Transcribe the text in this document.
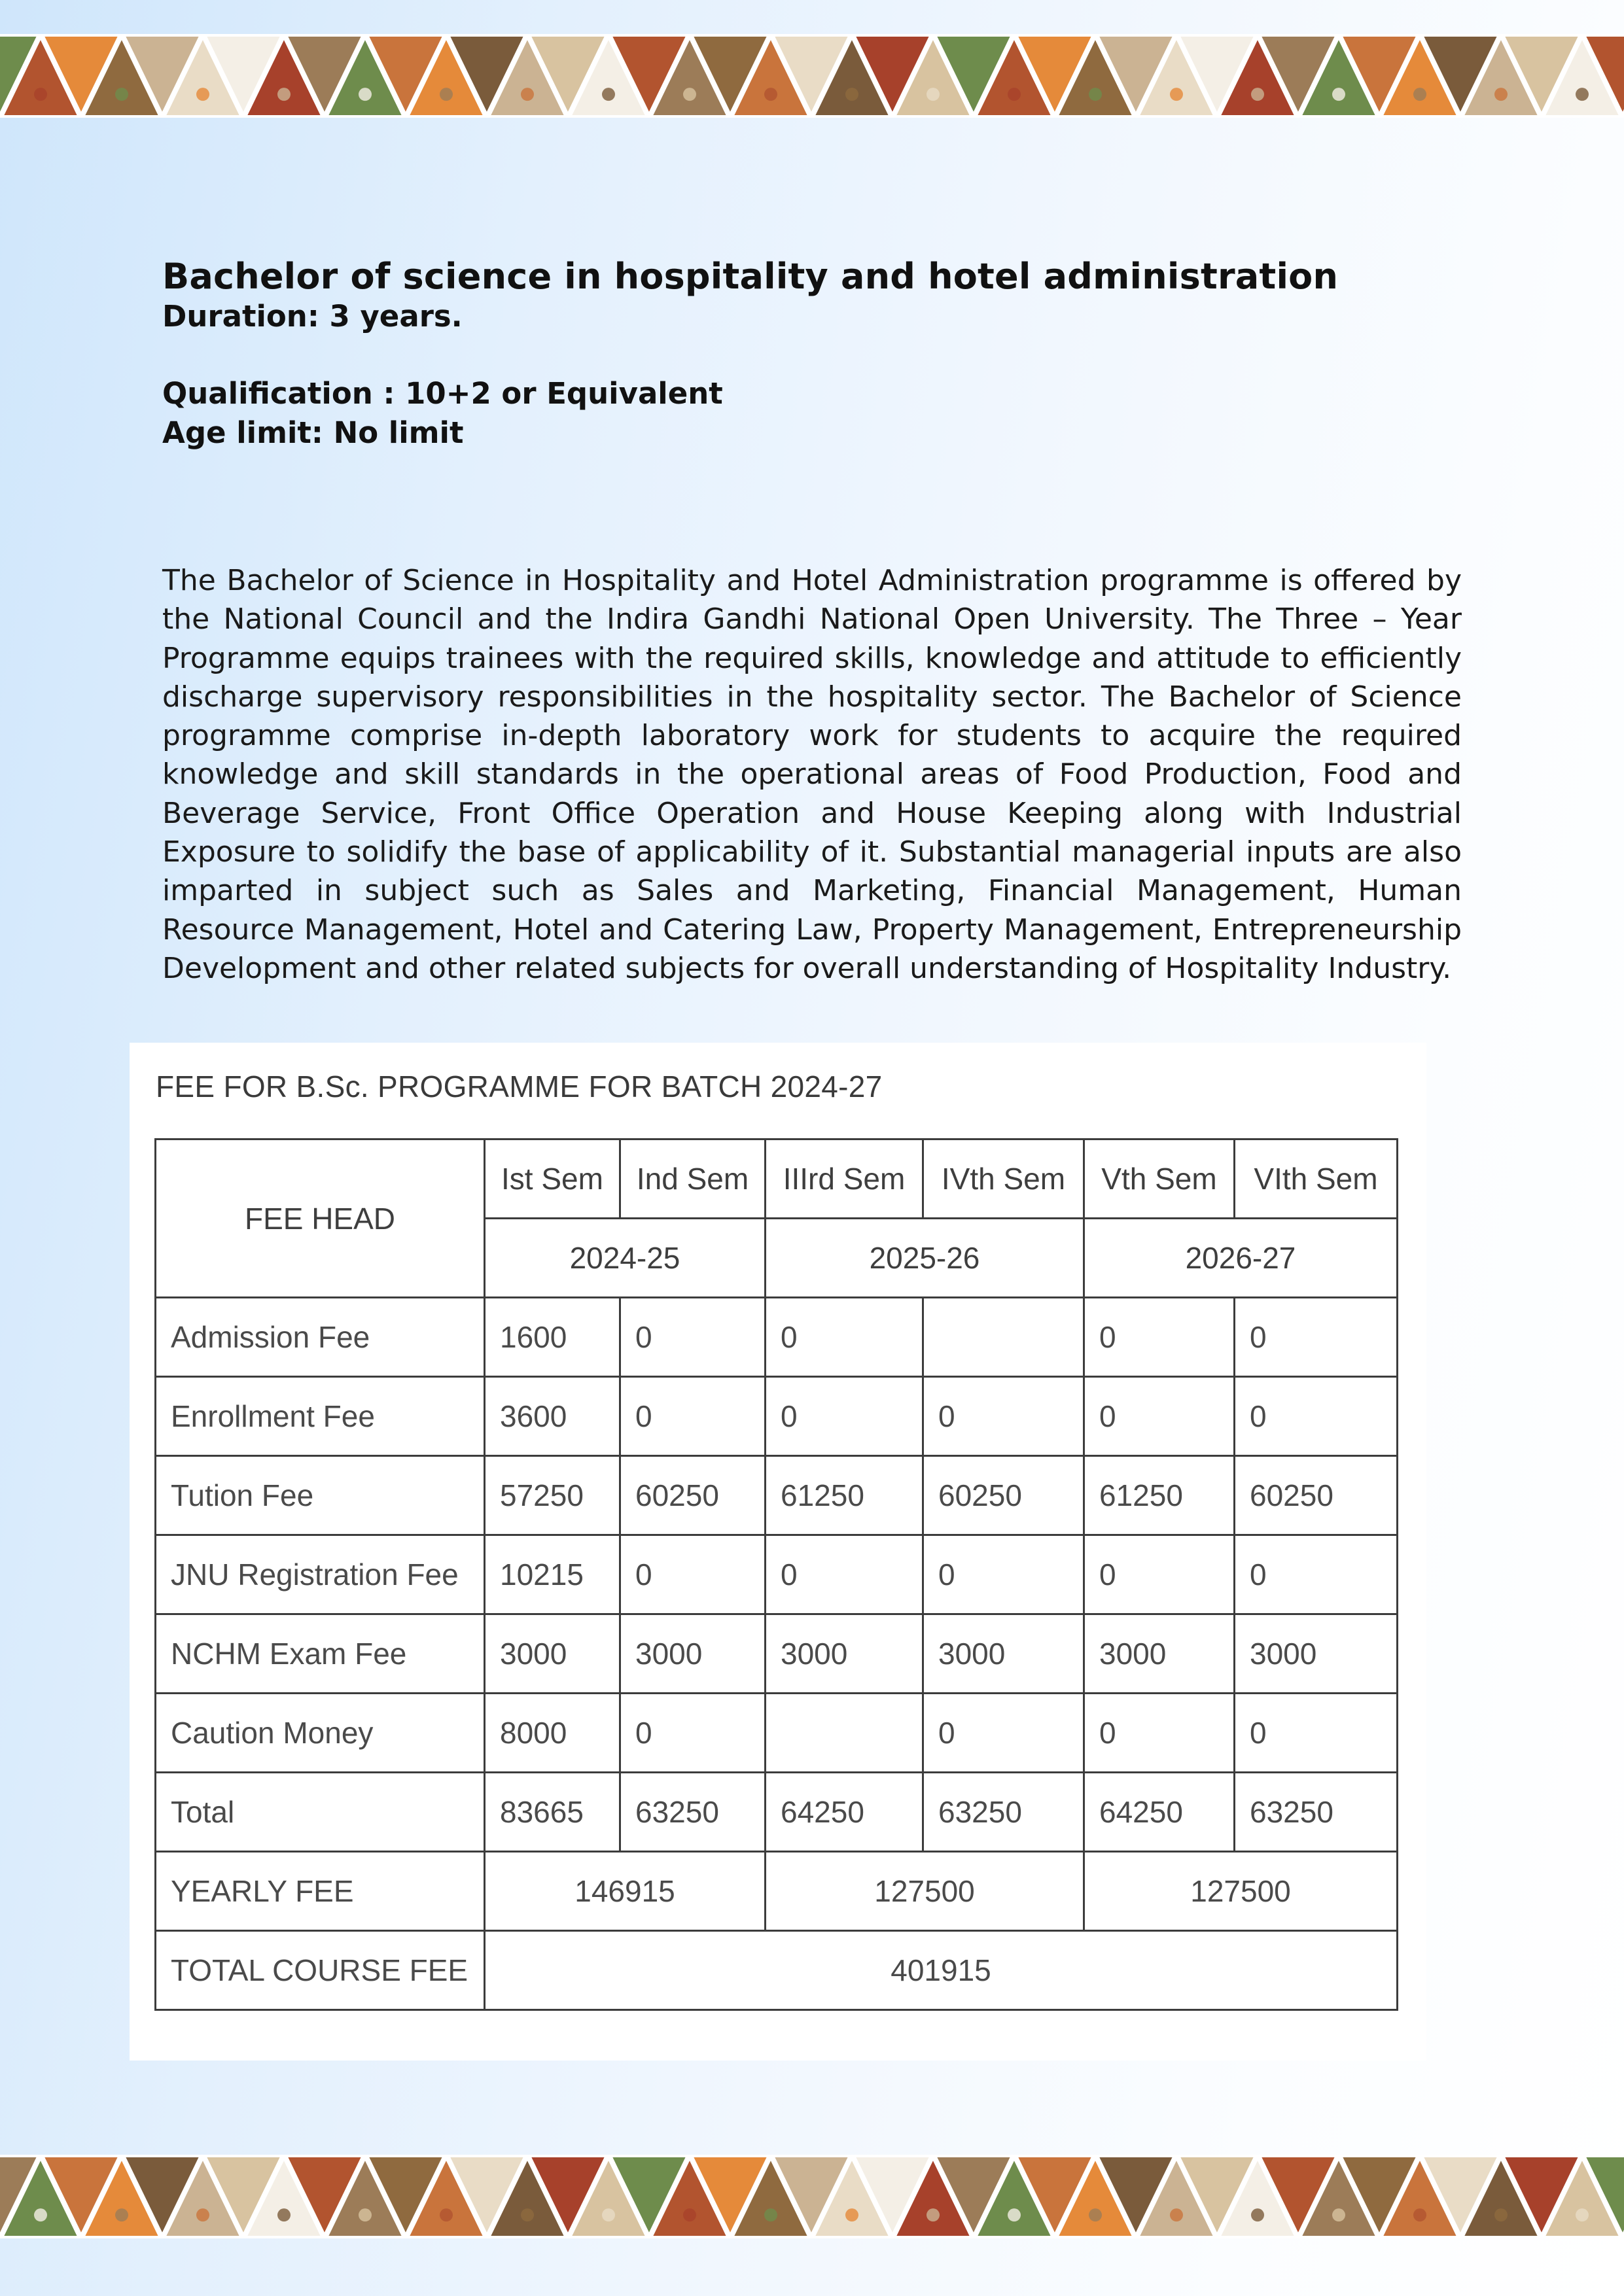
Bachelor of science in hospitality and hotel administration

Duration: 3 years.

Qualification : 10+2 or Equivalent

Age limit: No limit

The Bachelor of Science in Hospitality and Hotel Administration programme is offered by the National Council and the Indira Gandhi National Open University. The Three – Year Programme equips trainees with the required skills, knowledge and attitude to efficiently discharge supervisory responsibilities in the hospitality sector. The Bachelor of Science programme comprise in-depth laboratory work for students to acquire the required knowledge and skill standards in the operational areas of Food Production, Food and Beverage Service, Front Office Operation and House Keeping along with Industrial Exposure to solidify the base of applicability of it. Substantial managerial inputs are also imparted in subject such as Sales and Marketing, Financial Management, Human Resource Management, Hotel and Catering Law, Property Management, Entrepreneurship Development and other related subjects for overall understanding of Hospitality Industry.

FEE FOR B.Sc. PROGRAMME FOR BATCH 2024-27
FEE HEAD	Ist Sem	Ind Sem	IIIrd Sem	IVth Sem	Vth Sem	VIth Sem
	2024-25		2025-26		2026-27	
Admission Fee	1600	0	0		0	0
Enrollment Fee	3600	0	0	0	0	0
Tution Fee	57250	60250	61250	60250	61250	60250
JNU Registration Fee	10215	0	0	0	0	0
NCHM Exam Fee	3000	3000	3000	3000	3000	3000
Caution Money	8000	0		0	0	0
Total	83665	63250	64250	63250	64250	63250
YEARLY FEE	146915		127500		127500	
TOTAL COURSE FEE	401915					
